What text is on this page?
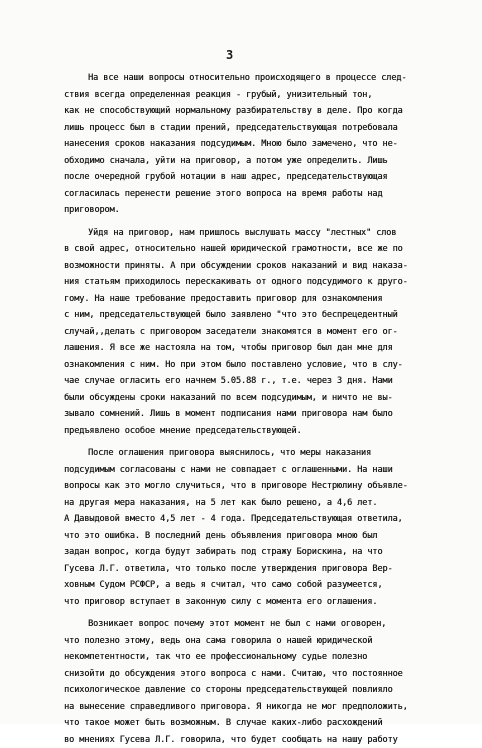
3
На все наши вопросы относительно происходящего в процессе след-
ствия всегда определенная реакция - грубый, унизительный тон,
как не способствующий нормальному разбирательству в деле. Про когда
лишь процесс был в стадии прений, председательствующая потребовала
нанесения сроков наказания подсудимым. Мною было замечено, что не-
обходимо сначала, уйти на приговор, а потом уже определить. Лишь
после очередной грубой нотации в наш адрес, председательствующая
согласилась перенести решение этого вопроса на время работы над
приговором.
Уйдя на приговор, нам пришлось выслушать массу "лестных" слов
в свой адрес, относительно нашей юридической грамотности, все же по
возможности приняты. А при обсуждении сроков наказаний и вид наказа-
ния статьям приходилось перескакивать от одного подсудимого к друго-
гому. На наше требование предоставить приговор для ознакомления
с ним, председательствующей было заявлено "что это беспрецедентный
случай,,делать с приговором заседатели знакомятся в момент его ог-
лашения. Я все же настояла на том, чтобы приговор был дан мне для
ознакомления с ним. Но при этом было поставлено условие, что в слу-
чае случае огласить его начнем 5.05.88 г., т.е. через 3 дня. Нами
были обсуждены сроки наказаний по всем подсудимым, и ничто не вы-
зывало сомнений. Лишь в момент подписания нами приговора нам было
предъявлено особое мнение председательствующей.
После оглашения приговора выяснилось, что меры наказания
подсудимым согласованы с нами не совпадает с оглашенными. На наши
вопросы как это могло случиться, что в приговоре Нестрюлину объявле-
на другая мера наказания, на 5 лет как было решено, а 4,6 лет.
А Давыдовой вместо 4,5 лет - 4 года. Председательствующая ответила,
что это ошибка. В последний день объявления приговора мною был
задан вопрос, когда будут забирать под стражу Борискина, на что
Гусева Л.Г. ответила, что только после утверждения приговора Вер-
ховным Судом РСФСР, а ведь я считал, что само собой разумеется,
что приговор вступает в законную силу с момента его оглашения.
Возникает вопрос почему этот момент не был с нами оговорен,
что полезно этому, ведь она сама говорила о нашей юридической
некомпетентности, так что ее профессиональному судье полезно
снизойти до обсуждения этого вопроса с нами. Считаю, что постоянное
психологическое давление со стороны председательствующей повлияло
на вынесение справедливого приговора. Я никогда не мог предположить,
что такое может быть возможным. В случае каких-либо расхождений
во мнениях Гусева Л.Г. говорила, что будет сообщать на нашу работу
